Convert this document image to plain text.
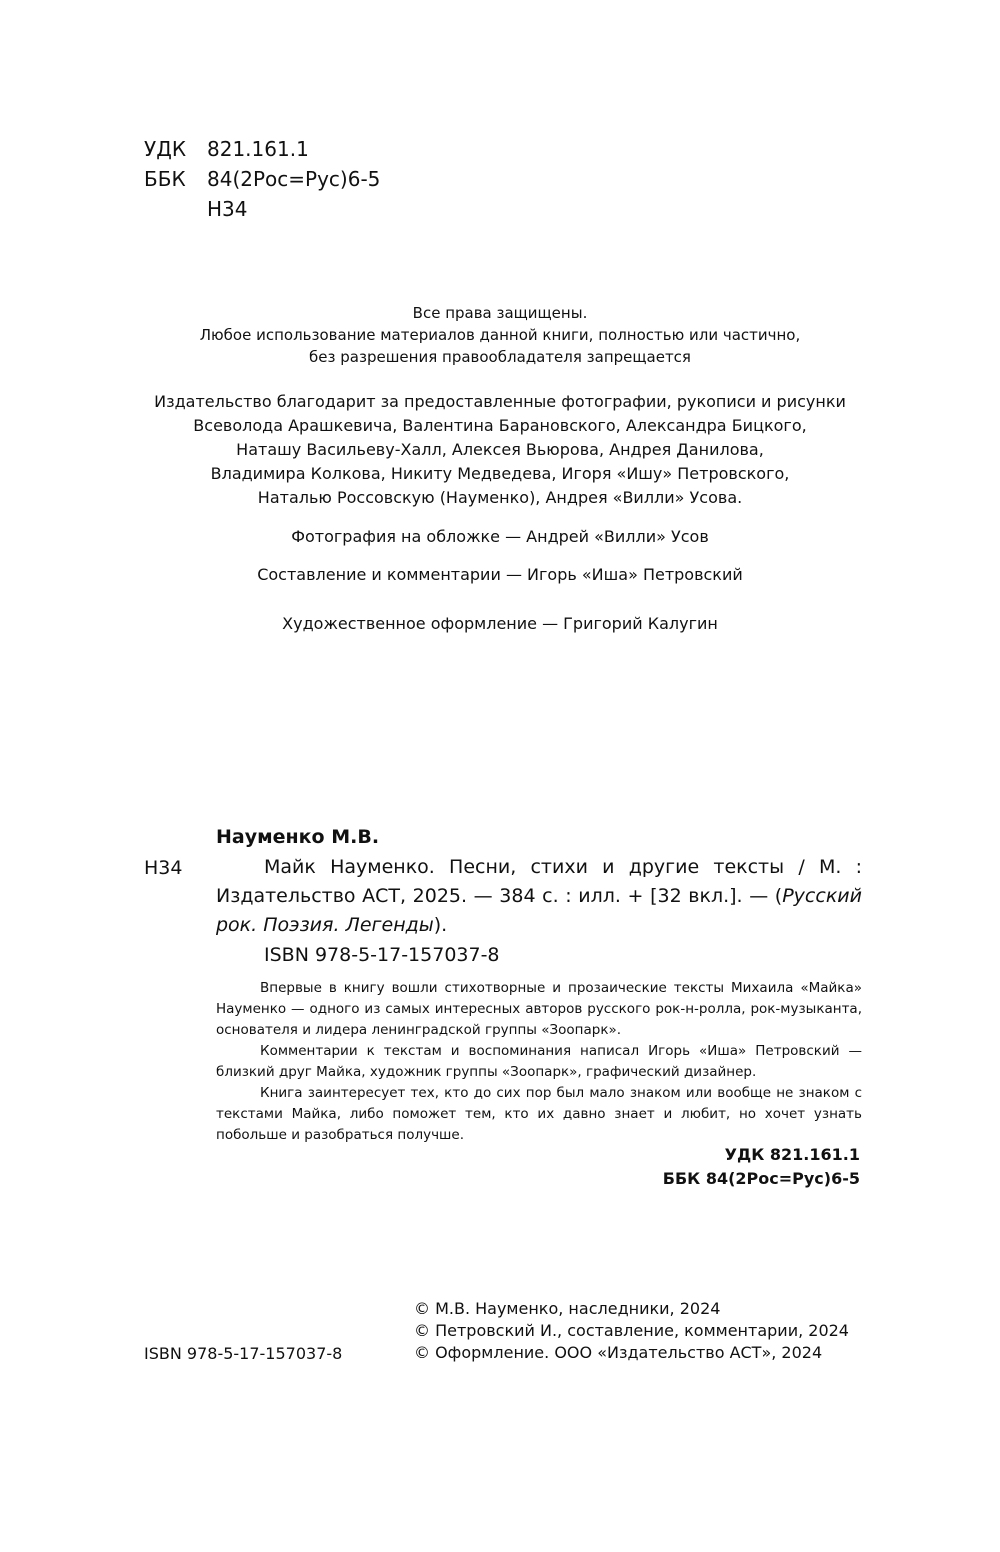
УДК 821.161.1
ББК 84(2Рос=Рус)6-5
Н34
Все права защищены.
Любое использование материалов данной книги, полностью или частично,
без разрешения правообладателя запрещается
Издательство благодарит за предоставленные фотографии, рукописи и рисунки
Всеволода Арашкевича, Валентина Барановского, Александра Бицкого,
Наташу Васильеву-Халл, Алексея Вьюрова, Андрея Данилова,
Владимира Колкова, Никиту Медведева, Игоря «Ишу» Петровского,
Наталью Россовскую (Науменко), Андрея «Вилли» Усова.
Фотография на обложке — Андрей «Вилли» Усов
Составление и комментарии — Игорь «Иша» Петровский
Художественное оформление — Григорий Калугин
Науменко М.В.
Н34	Майк Науменко. Песни, стихи и другие тексты / М. : Издательство АСТ, 2025. — 384 с. : илл. + [32 вкл.]. — (Русский рок. Поэзия. Легенды).
ISBN 978-5-17-157037-8

Впервые в книгу вошли стихотворные и прозаические тексты Михаила «Майка» Науменко — одного из самых интересных авторов русского рок-н-ролла, рок-музыканта, основателя и лидера ленинградской группы «Зоопарк».

Комментарии к текстам и воспоминания написал Игорь «Иша» Петровский — близкий друг Майка, художник группы «Зоопарк», графический дизайнер.

Книга заинтересует тех, кто до сих пор был мало знаком или вообще не знаком с текстами Майка, либо поможет тем, кто их давно знает и любит, но хочет узнать побольше и разобраться получше.

УДК 821.161.1
ББК 84(2Рос=Рус)6-5
ISBN 978-5-17-157037-8
© М.В. Науменко, наследники, 2024
© Петровский И., составление, комментарии, 2024
© Оформление. ООО «Издательство АСТ», 2024
